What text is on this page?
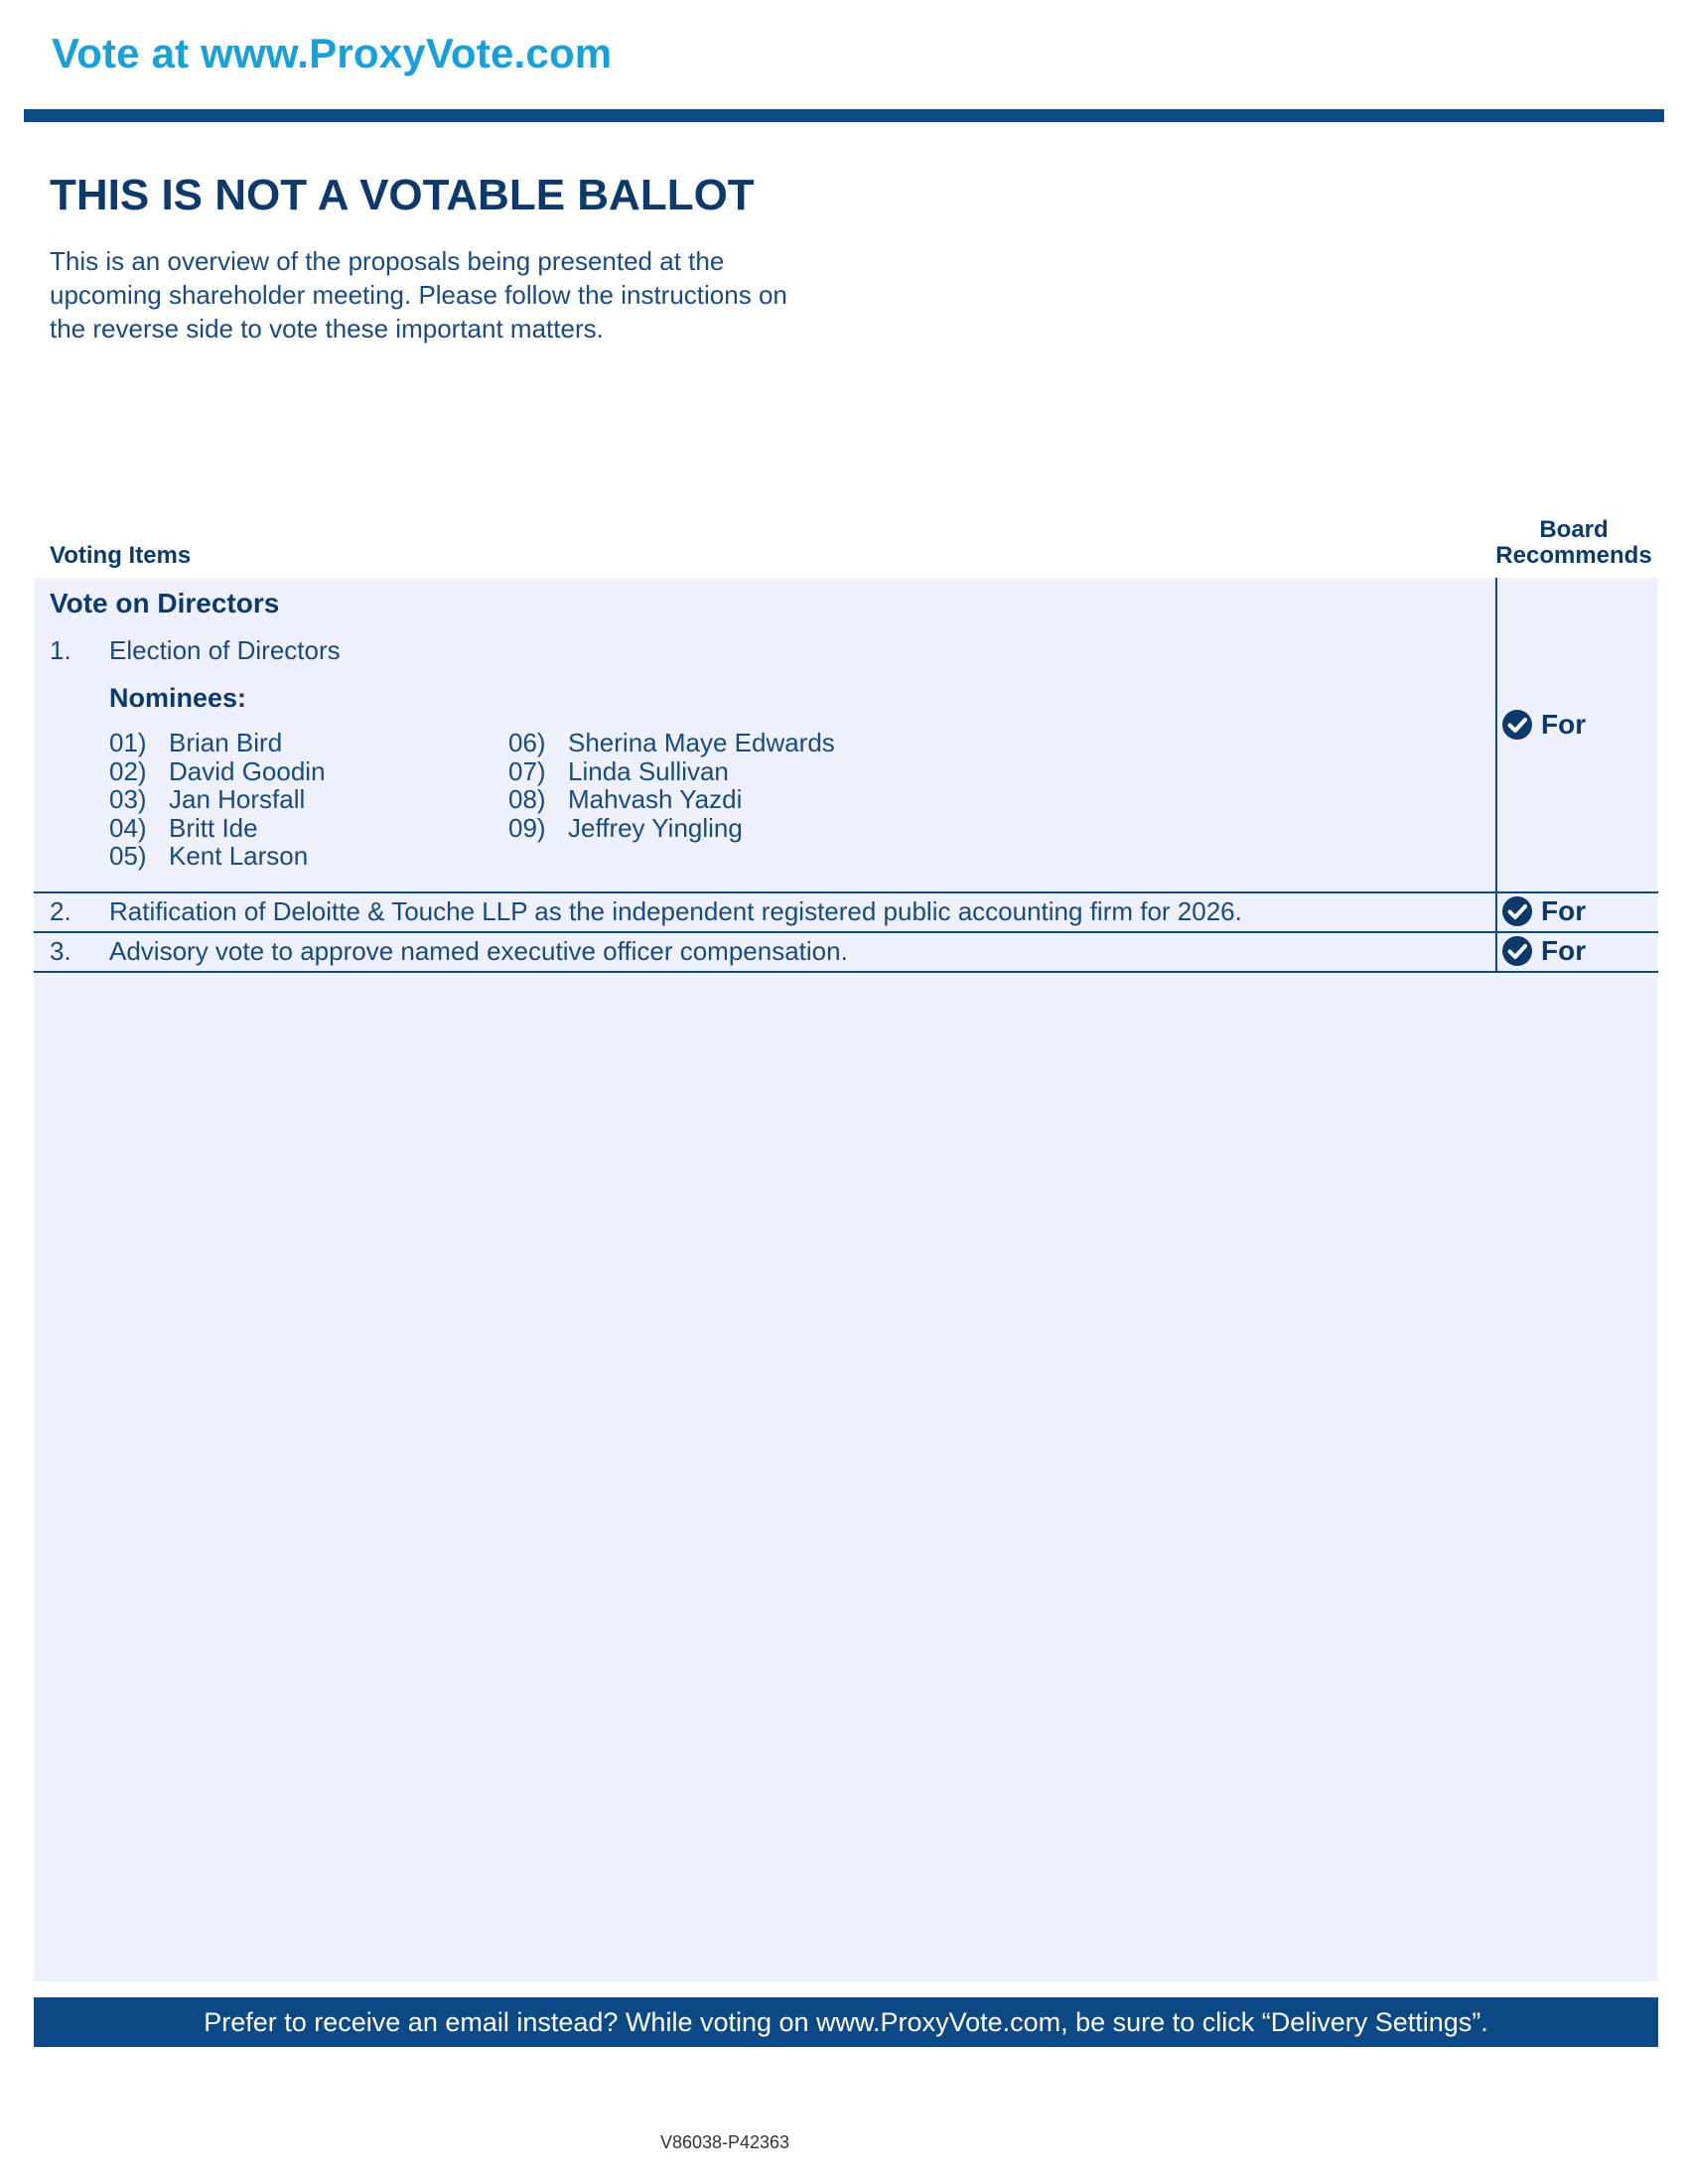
Vote at www.ProxyVote.com
THIS IS NOT A VOTABLE BALLOT
This is an overview of the proposals being presented at the
upcoming shareholder meeting. Please follow the instructions on
the reverse side to vote these important matters.
Voting Items
Board
Recommends
Vote on Directors
1. Election of Directors
Nominees:
01) Brian Bird
02) David Goodin
03) Jan Horsfall
04) Britt Ide
05) Kent Larson
06) Sherina Maye Edwards
07) Linda Sullivan
08) Mahvash Yazdi
09) Jeffrey Yingling
For
2. Ratification of Deloitte & Touche LLP as the independent registered public accounting firm for 2026.	For
3. Advisory vote to approve named executive officer compensation.	For
Prefer to receive an email instead? While voting on www.ProxyVote.com, be sure to click “Delivery Settings”.
V86038-P42363
